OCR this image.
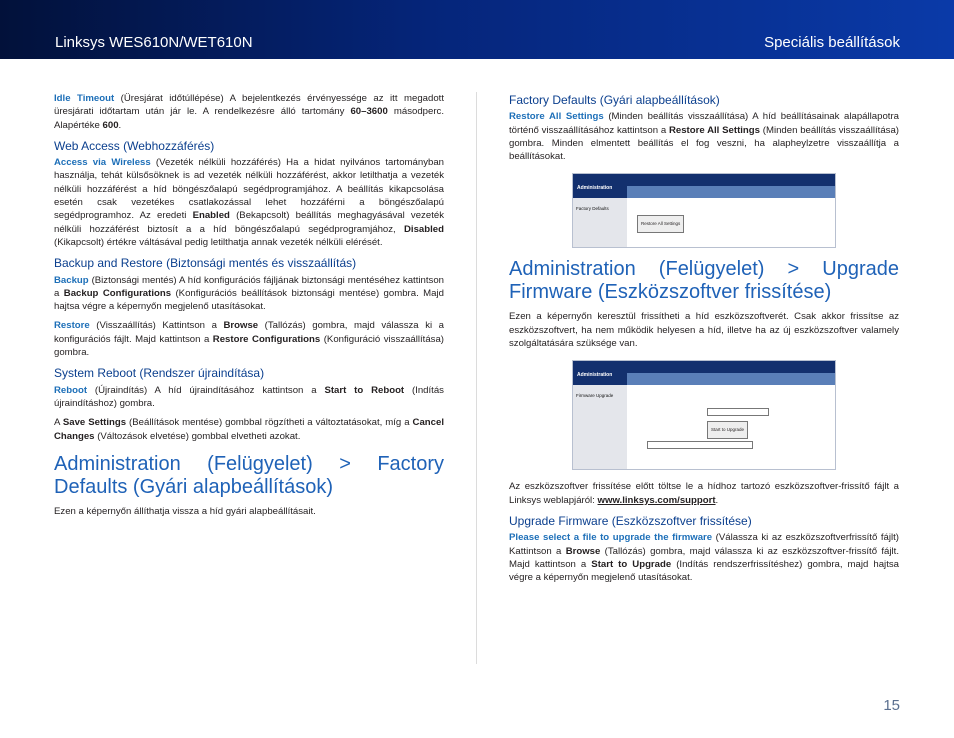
Linksys WES610N/WET610N	Speciális beállítások

Idle Timeout (Üresjárat időtúllépése) A bejelentkezés érvényessége az itt megadott üresjárati időtartam után jár le. A rendelkezésre álló tartomány 60–3600 másodperc. Alapértéke 600.

Web Access (Webhozzáférés)

Access via Wireless (Vezeték nélküli hozzáférés) Ha a hidat nyilvános tartományban használja, tehát külsősöknek is ad vezeték nélküli hozzáférést, akkor letilthatja a vezeték nélküli hozzáférést a híd böngészőalapú segédprogramjához. A beállítás kikapcsolása esetén csak vezetékes csatlakozással lehet hozzáférni a böngészőalapú segédprogramhoz. Az eredeti Enabled (Bekapcsolt) beállítás meghagyásával vezeték nélküli hozzáférést biztosít a a híd böngészőalapú segédprogramjához, Disabled (Kikapcsolt) értékre váltásával pedig letilthatja annak vezeték nélküli elérését.

Backup and Restore (Biztonsági mentés és visszaállítás)

Backup (Biztonsági mentés) A híd konfigurációs fájljának biztonsági mentéséhez kattintson a Backup Configurations (Konfigurációs beállítások biztonsági mentése) gombra. Majd hajtsa végre a képernyőn megjelenő utasításokat.

Restore (Visszaállítás) Kattintson a Browse (Tallózás) gombra, majd válassza ki a konfigurációs fájlt. Majd kattintson a Restore Configurations (Konfiguráció visszaállítása) gombra.

System Reboot (Rendszer újraindítása)

Reboot (Újraindítás) A híd újraindításához kattintson a Start to Reboot (Indítás újraindításhoz) gombra.

A Save Settings (Beállítások mentése) gombbal rögzítheti a változtatásokat, míg a Cancel Changes (Változások elvetése) gombbal elvetheti azokat.

Administration (Felügyelet) > Factory Defaults (Gyári alapbeállítások)

Ezen a képernyőn állíthatja vissza a híd gyári alapbeállításait.

Factory Defaults (Gyári alapbeállítások)

Restore All Settings (Minden beállítás visszaállítása) A híd beállításainak alapállapotra történő visszaállításához kattintson a Restore All Settings (Minden beállítás visszaállítása) gombra. Minden elmentett beállítás el fog veszni, ha alapheylzetre visszaállítja a beállításokat.

Administration
Factory Defaults
Restore All Settings
Administration (Felügyelet) > Upgrade Firmware (Eszközszoftver frissítése)

Ezen a képernyőn keresztül frissítheti a híd eszközszoftverét. Csak akkor frissítse az eszközszoftvert, ha nem működik helyesen a híd, illetve ha az új eszközszoftver valamely szolgáltatására szüksége van.

Administration
Firmware Upgrade
Start to Upgrade

Az eszközszoftver frissítése előtt töltse le a hídhoz tartozó eszközszoftver-frissítő fájlt a Linksys weblapjáról: www.linksys.com/support.

Upgrade Firmware (Eszközszoftver frissítése)

Please select a file to upgrade the firmware (Válassza ki az eszközszoftverfrissítő fájlt) Kattintson a Browse (Tallózás) gombra, majd válassza ki az eszközszoftver-frissítő fájlt. Majd kattintson a Start to Upgrade (Indítás rendszerfrissítéshez) gombra, majd hajtsa végre a képernyőn megjelenő utasításokat.

15
